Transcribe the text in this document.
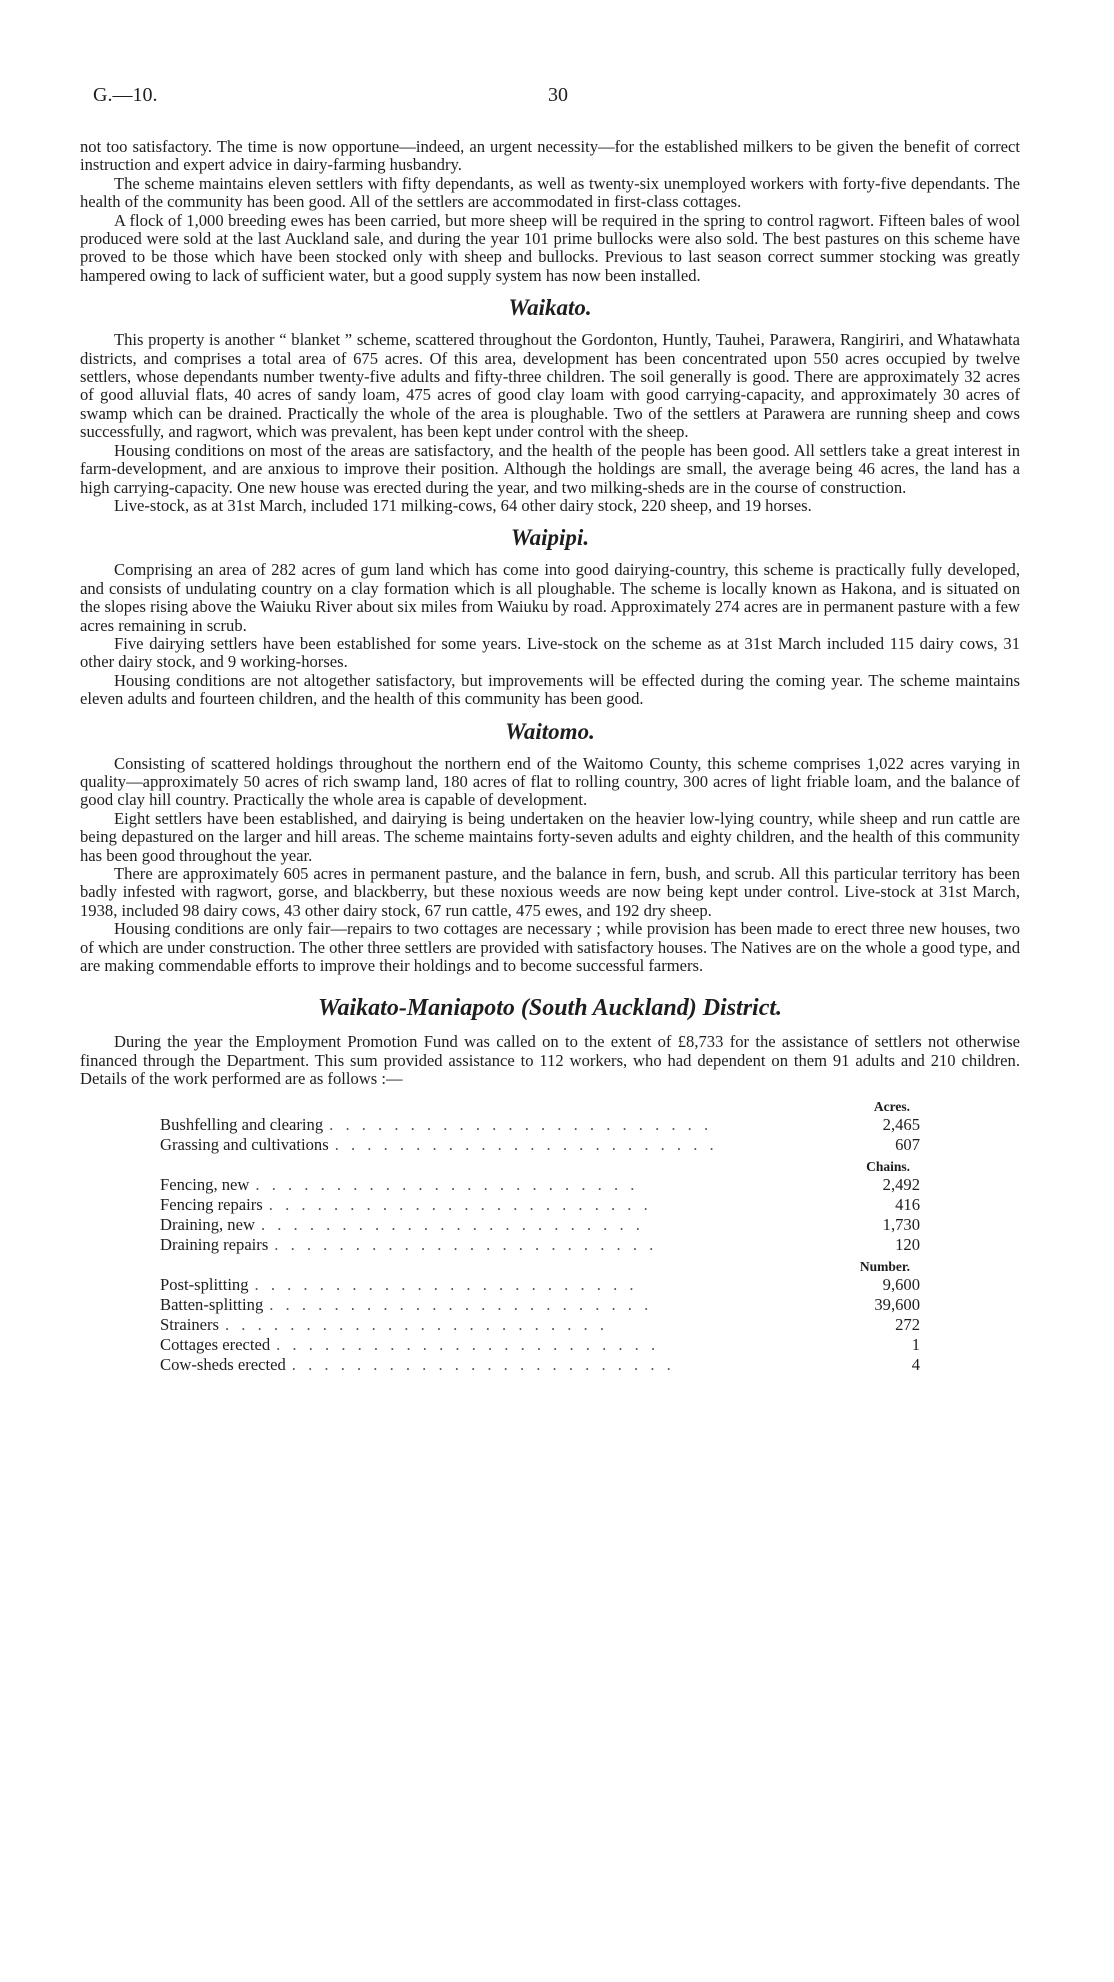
G.—10.	30

not too satisfactory. The time is now opportune—indeed, an urgent necessity—for the established milkers to be given the benefit of correct instruction and expert advice in dairy-farming husbandry.

The scheme maintains eleven settlers with fifty dependants, as well as twenty-six unemployed workers with forty-five dependants. The health of the community has been good. All of the settlers are accommodated in first-class cottages.

A flock of 1,000 breeding ewes has been carried, but more sheep will be required in the spring to control ragwort. Fifteen bales of wool produced were sold at the last Auckland sale, and during the year 101 prime bullocks were also sold. The best pastures on this scheme have proved to be those which have been stocked only with sheep and bullocks. Previous to last season correct summer stocking was greatly hampered owing to lack of sufficient water, but a good supply system has now been installed.

Waikato.

This property is another “ blanket ” scheme, scattered throughout the Gordonton, Huntly, Tauhei, Parawera, Rangiriri, and Whatawhata districts, and comprises a total area of 675 acres. Of this area, development has been concentrated upon 550 acres occupied by twelve settlers, whose dependants number twenty-five adults and fifty-three children. The soil generally is good. There are approximately 32 acres of good alluvial flats, 40 acres of sandy loam, 475 acres of good clay loam with good carrying-capacity, and approximately 30 acres of swamp which can be drained. Practically the whole of the area is ploughable. Two of the settlers at Parawera are running sheep and cows successfully, and ragwort, which was prevalent, has been kept under control with the sheep.

Housing conditions on most of the areas are satisfactory, and the health of the people has been good. All settlers take a great interest in farm-development, and are anxious to improve their position. Although the holdings are small, the average being 46 acres, the land has a high carrying-capacity. One new house was erected during the year, and two milking-sheds are in the course of construction.

Live-stock, as at 31st March, included 171 milking-cows, 64 other dairy stock, 220 sheep, and 19 horses.

Waipipi.

Comprising an area of 282 acres of gum land which has come into good dairying-country, this scheme is practically fully developed, and consists of undulating country on a clay formation which is all ploughable. The scheme is locally known as Hakona, and is situated on the slopes rising above the Waiuku River about six miles from Waiuku by road. Approximately 274 acres are in permanent pasture with a few acres remaining in scrub.

Five dairying settlers have been established for some years. Live-stock on the scheme as at 31st March included 115 dairy cows, 31 other dairy stock, and 9 working-horses.

Housing conditions are not altogether satisfactory, but improvements will be effected during the coming year. The scheme maintains eleven adults and fourteen children, and the health of this community has been good.

Waitomo.

Consisting of scattered holdings throughout the northern end of the Waitomo County, this scheme comprises 1,022 acres varying in quality—approximately 50 acres of rich swamp land, 180 acres of flat to rolling country, 300 acres of light friable loam, and the balance of good clay hill country. Practically the whole area is capable of development.

Eight settlers have been established, and dairying is being undertaken on the heavier low-lying country, while sheep and run cattle are being depastured on the larger and hill areas. The scheme maintains forty-seven adults and eighty children, and the health of this community has been good throughout the year.

There are approximately 605 acres in permanent pasture, and the balance in fern, bush, and scrub. All this particular territory has been badly infested with ragwort, gorse, and blackberry, but these noxious weeds are now being kept under control. Live-stock at 31st March, 1938, included 98 dairy cows, 43 other dairy stock, 67 run cattle, 475 ewes, and 192 dry sheep.

Housing conditions are only fair—repairs to two cottages are necessary ; while provision has been made to erect three new houses, two of which are under construction. The other three settlers are provided with satisfactory houses. The Natives are on the whole a good type, and are making commendable efforts to improve their holdings and to become successful farmers.

Waikato-Maniapoto (South Auckland) District.

During the year the Employment Promotion Fund was called on to the extent of £8,733 for the assistance of settlers not otherwise financed through the Department. This sum provided assistance to 112 workers, who had dependent on them 91 adults and 210 children. Details of the work performed are as follows :—

Acres.
Bushfelling and clearing . .	2,465
Grassing and cultivations . .	607
Chains.
Fencing, new . .	2,492
Fencing repairs . .	416
Draining, new . .	1,730
Draining repairs . .	120
Number.
Post-splitting . .	9,600
Batten-splitting . .	39,600
Strainers . .	272
Cottages erected . .	1
Cow-sheds erected . .	4
